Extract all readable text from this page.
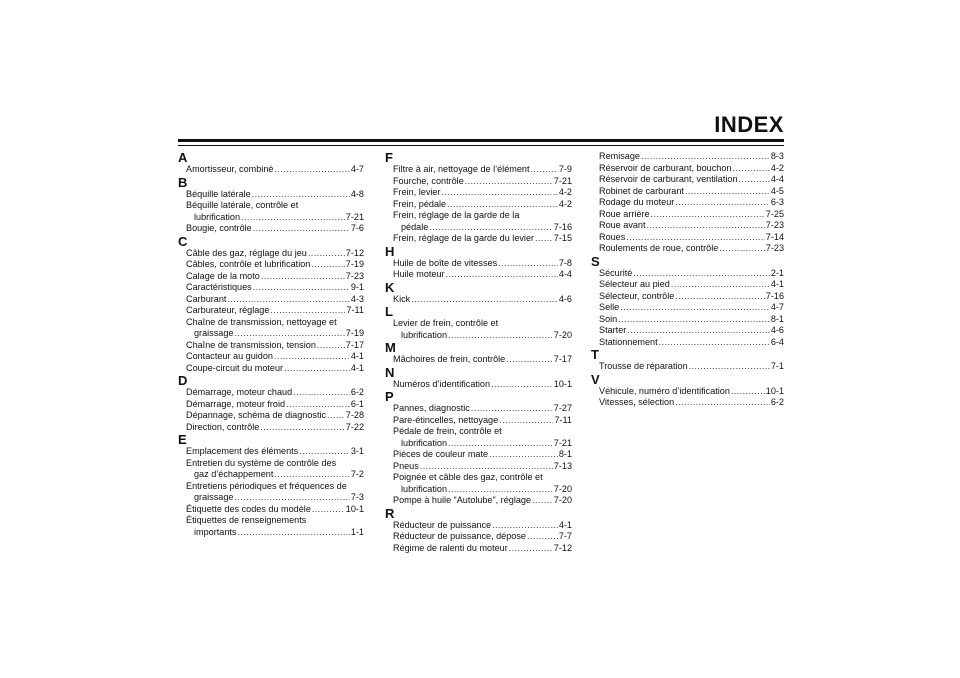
INDEX
A
Amortisseur, combiné .....	4-7
B
Béquille latérale .....	4-8
Béquille latérale, contrôle et
lubrification .....	7-21
Bougie, contrôle .....	7-6
C
Câble des gaz, réglage du jeu .....	7-12
Câbles, contrôle et lubrification .....	7-19
Calage de la moto .....	7-23
Caractéristiques .....	9-1
Carburant .....	4-3
Carburateur, réglage .....	7-11
Chaîne de transmission, nettoyage et
graissage .....	7-19
Chaîne de transmission, tension .....	7-17
Contacteur au guidon .....	4-1
Coupe-circuit du moteur .....	4-1
D
Démarrage, moteur chaud .....	6-2
Démarrage, moteur froid .....	6-1
Dépannage, schéma de diagnostic ..... 7-28
Direction, contrôle .....	7-22
E
Emplacement des éléments .....	3-1
Entretien du système de contrôle des
gaz d’échappement .....	7-2
Entretiens périodiques et fréquences de
graissage .....	7-3
Étiquette des codes du modèle .....	10-1
Étiquettes de renseignements
importants .....	1-1
F
Filtre à air, nettoyage de l’élément .....	7-9
Fourche, contrôle .....	7-21
Frein, levier .....	4-2
Frein, pédale .....	4-2
Frein, réglage de la garde de la
pédale .....	7-16
Frein, réglage de la garde du levier ..... 7-15
H
Huile de boîte de vitesses .....	7-8
Huile moteur .....	4-4
K
Kick .....	4-6
L
Levier de frein, contrôle et
lubrification .....	7-20
M
Mâchoires de frein, contrôle .....	7-17
N
Numéros d’identification .....	10-1
P
Pannes, diagnostic .....	7-27
Pare-étincelles, nettoyage .....	7-11
Pédale de frein, contrôle et
lubrification .....	7-21
Pièces de couleur mate .....	8-1
Pneus .....	7-13
Poignée et câble des gaz, contrôle et
lubrification .....	7-20
Pompe à huile “Autolube”, réglage .....	7-20
R
Réducteur de puissance .....	4-1
Réducteur de puissance, dépose .....	7-7
Régime de ralenti du moteur .....	7-12
Remisage .....	8-3
Réservoir de carburant, bouchon .....	4-2
Réservoir de carburant, ventilation .....	4-4
Robinet de carburant .....	4-5
Rodage du moteur .....	6-3
Roue arrière .....	7-25
Roue avant .....	7-23
Roues .....	7-14
Roulements de roue, contrôle .....	7-23
S
Sécurité .....	2-1
Sélecteur au pied .....	4-1
Sélecteur, contrôle .....	7-16
Selle .....	4-7
Soin .....	8-1
Starter .....	4-6
Stationnement .....	6-4
T
Trousse de réparation .....	7-1
V
Véhicule, numéro d’identification .....	10-1
Vitesses, sélection .....	6-2
